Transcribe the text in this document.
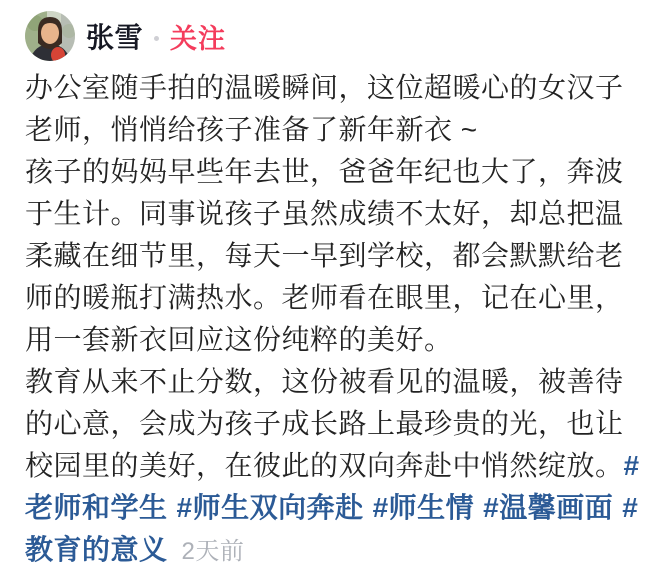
张雪 关注

办公室随手拍的温暖瞬间，这位超暖心的女汉子老师，悄悄给孩子准备了新年新衣 ~

孩子的妈妈早些年去世，爸爸年纪也大了，奔波于生计。同事说孩子虽然成绩不太好，却总把温柔藏在细节里，每天一早到学校，都会默默给老师的暖瓶打满热水。老师看在眼里，记在心里，用一套新衣回应这份纯粹的美好。

教育从来不止分数，这份被看见的温暖，被善待的心意，会成为孩子成长路上最珍贵的光，也让校园里的美好，在彼此的双向奔赴中悄然绽放。#老师和学生 #师生双向奔赴 #师生情 #温馨画面 #教育的意义 2天前
